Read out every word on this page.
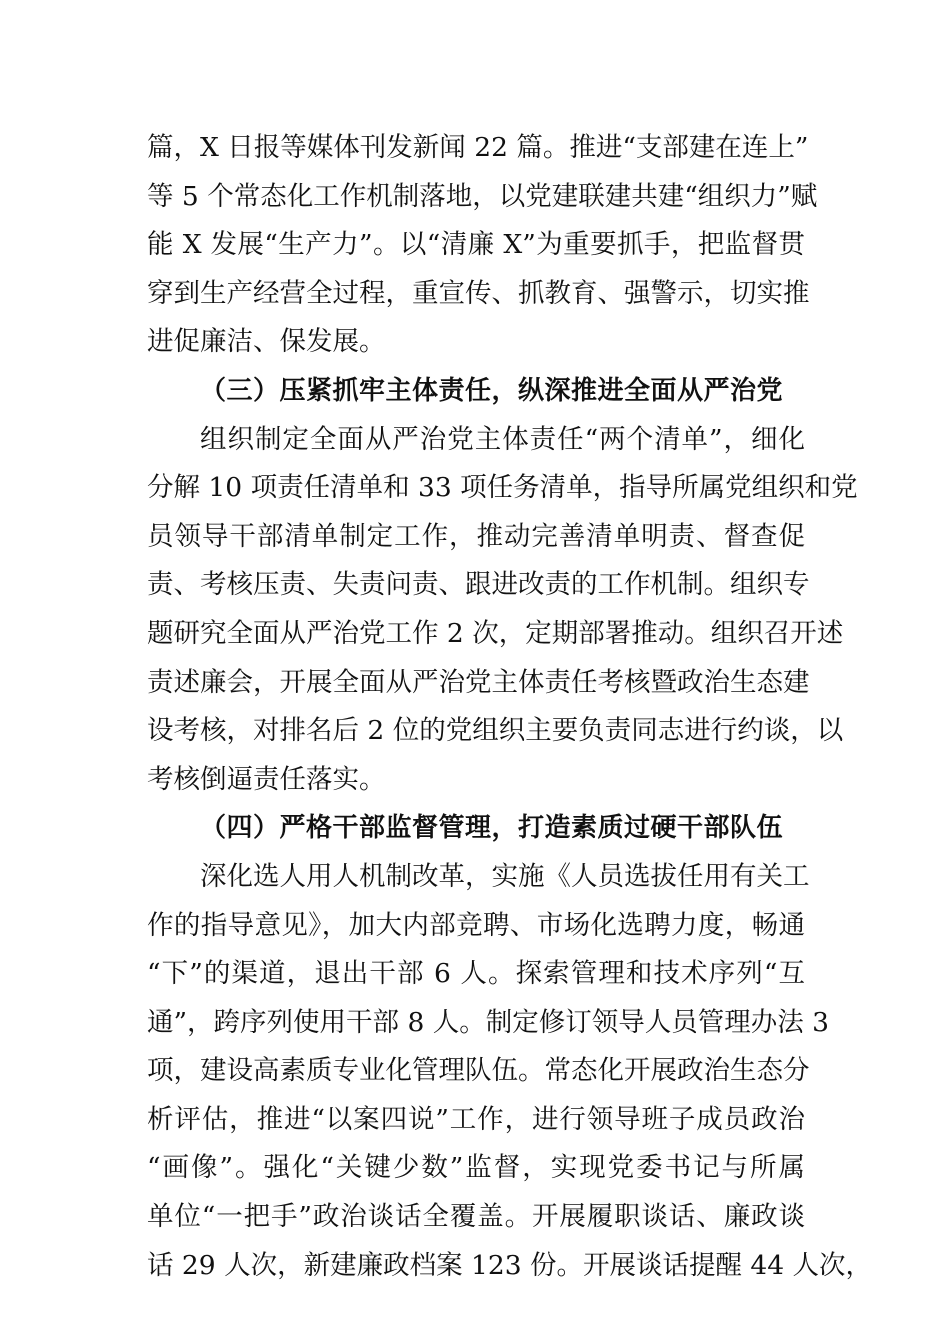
篇，X 日报等媒体刊发新闻 22 篇。推进“支部建在连上”
等 5 个常态化工作机制落地，以党建联建共建“组织力”赋
能 X 发展“生产力”。以“清廉 X”为重要抓手，把监督贯
穿到生产经营全过程，重宣传、抓教育、强警示，切实推
进促廉洁、保发展。
（三）压紧抓牢主体责任，纵深推进全面从严治党
组织制定全面从严治党主体责任“两个清单”，细化
分解 10 项责任清单和 33 项任务清单，指导所属党组织和党
员领导干部清单制定工作，推动完善清单明责、督查促
责、考核压责、失责问责、跟进改责的工作机制。组织专
题研究全面从严治党工作 2 次，定期部署推动。组织召开述
责述廉会，开展全面从严治党主体责任考核暨政治生态建
设考核，对排名后 2 位的党组织主要负责同志进行约谈，以
考核倒逼责任落实。
（四）严格干部监督管理，打造素质过硬干部队伍
深化选人用人机制改革，实施《人员选拔任用有关工
作的指导意见》，加大内部竞聘、市场化选聘力度，畅通
“下”的渠道，退出干部 6 人。探索管理和技术序列“互
通”，跨序列使用干部 8 人。制定修订领导人员管理办法 3
项，建设高素质专业化管理队伍。常态化开展政治生态分
析评估，推进“以案四说”工作，进行领导班子成员政治
“画像”。强化“关键少数”监督，实现党委书记与所属
单位“一把手”政治谈话全覆盖。开展履职谈话、廉政谈
话 29 人次，新建廉政档案 123 份。开展谈话提醒 44 人次，
